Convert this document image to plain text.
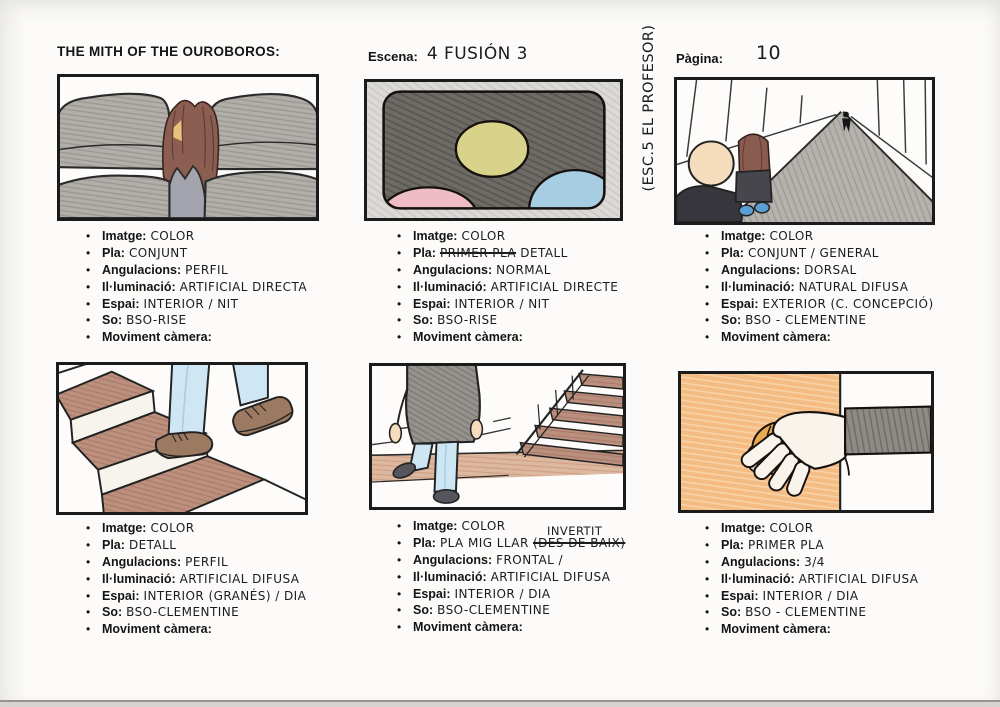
THE MITH OF THE OUROBOROS:	Escena: 4 FUSIÓN 3	(ESC.5 EL PROFESOR) Pàgina: 10
• Imatge: COLOR
• Pla: CONJUNT
• Angulacions: PERFIL
• Il·luminació: ARTIFICIAL DIRECTA
• Espai: INTERIOR / NIT
• So: BSO-RISE
• Moviment càmera:
• Imatge: COLOR
• Pla: PRIMER PLA DETALL
• Angulacions: NORMAL
• Il·luminació: ARTIFICIAL DIRECTE
• Espai: INTERIOR / NIT
• So: BSO-RISE
• Moviment càmera:
• Imatge: COLOR
• Pla: CONJUNT / GENERAL
• Angulacions: DORSAL
• Il·luminació: NATURAL DIFUSA
• Espai: EXTERIOR (C. CONCEPCIÓ)
• So: BSO - CLEMENTINE
• Moviment càmera:
• Imatge: COLOR
• Pla: DETALL
• Angulacions: PERFIL
• Il·luminació: ARTIFICIAL DIFUSA
• Espai: INTERIOR (GRANÉS) / DIA
• So: BSO-CLEMENTINE
• Moviment càmera:
• Imatge: COLOR
• Pla: PLA MIG LLAR (DES DE BAIX)
INVERTIT
• Angulacions: FRONTAL /
• Il·luminació: ARTIFICIAL DIFUSA
• Espai: INTERIOR / DIA
• So: BSO-CLEMENTINE
• Moviment càmera:
• Imatge: COLOR
• Pla: PRIMER PLA
• Angulacions: 3/4
• Il·luminació: ARTIFICIAL DIFUSA
• Espai: INTERIOR / DIA
• So: BSO - CLEMENTINE
• Moviment càmera:
